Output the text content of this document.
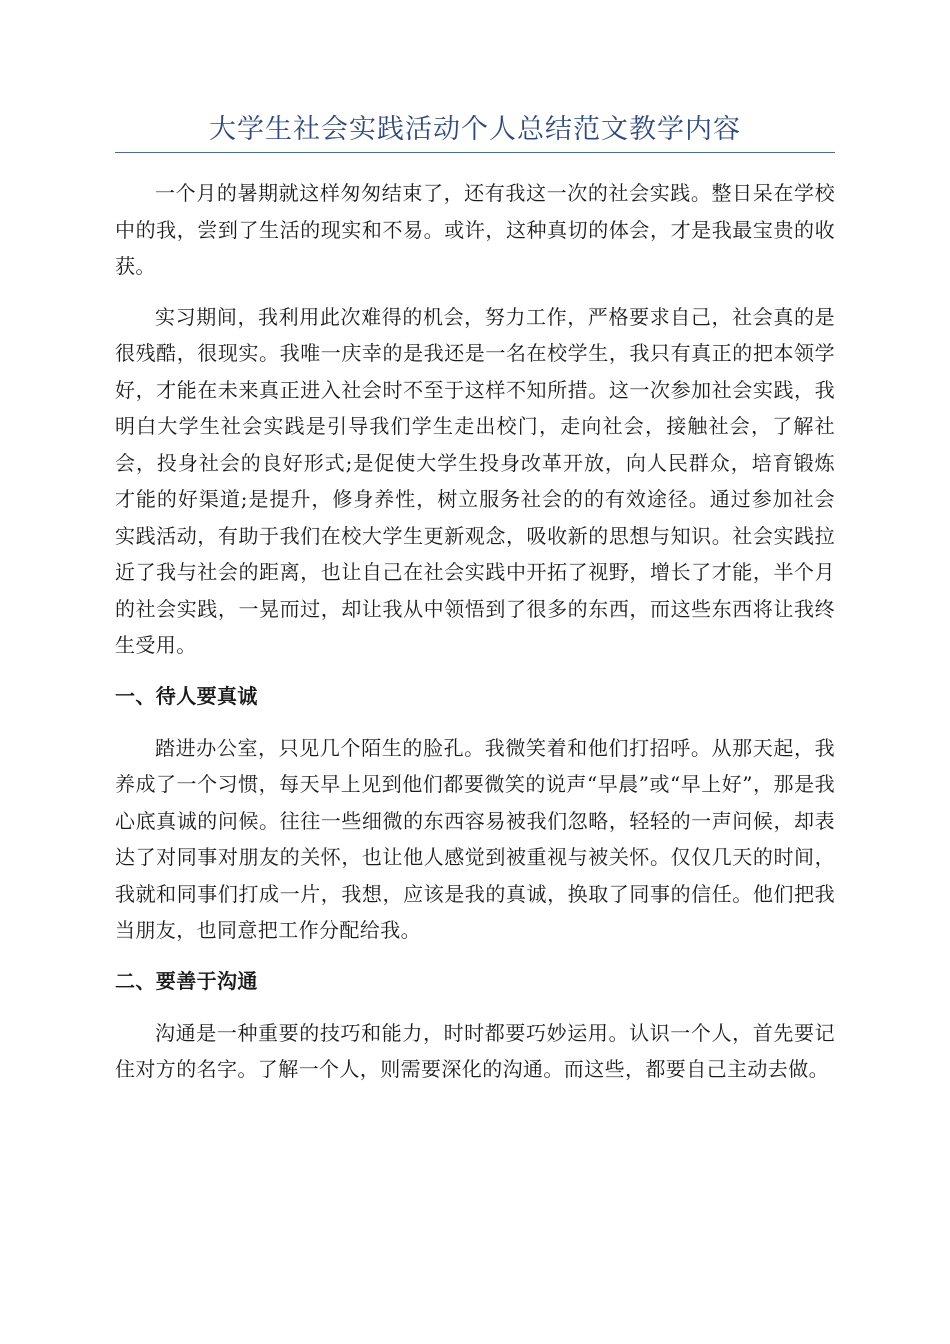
大学生社会实践活动个人总结范文教学内容

一个月的暑期就这样匆匆结束了，还有我这一次的社会实践。整日呆在学校中的我，尝到了生活的现实和不易。或许，这种真切的体会，才是我最宝贵的收获。

实习期间，我利用此次难得的机会，努力工作，严格要求自己，社会真的是很残酷，很现实。我唯一庆幸的是我还是一名在校学生，我只有真正的把本领学好，才能在未来真正进入社会时不至于这样不知所措。这一次参加社会实践，我明白大学生社会实践是引导我们学生走出校门，走向社会，接触社会，了解社会，投身社会的良好形式;是促使大学生投身改革开放，向人民群众，培育锻炼才能的好渠道;是提升，修身养性，树立服务社会的的有效途径。通过参加社会实践活动，有助于我们在校大学生更新观念，吸收新的思想与知识。社会实践拉近了我与社会的距离，也让自己在社会实践中开拓了视野，增长了才能，半个月的社会实践，一晃而过，却让我从中领悟到了很多的东西，而这些东西将让我终生受用。

一、待人要真诚

踏进办公室，只见几个陌生的脸孔。我微笑着和他们打招呼。从那天起，我养成了一个习惯，每天早上见到他们都要微笑的说声“早晨”或“早上好”，那是我心底真诚的问候。往往一些细微的东西容易被我们忽略，轻轻的一声问候，却表达了对同事对朋友的关怀，也让他人感觉到被重视与被关怀。仅仅几天的时间，我就和同事们打成一片，我想，应该是我的真诚，换取了同事的信任。他们把我当朋友，也同意把工作分配给我。

二、要善于沟通

沟通是一种重要的技巧和能力，时时都要巧妙运用。认识一个人，首先要记住对方的名字。了解一个人，则需要深化的沟通。而这些，都要自己主动去做。
